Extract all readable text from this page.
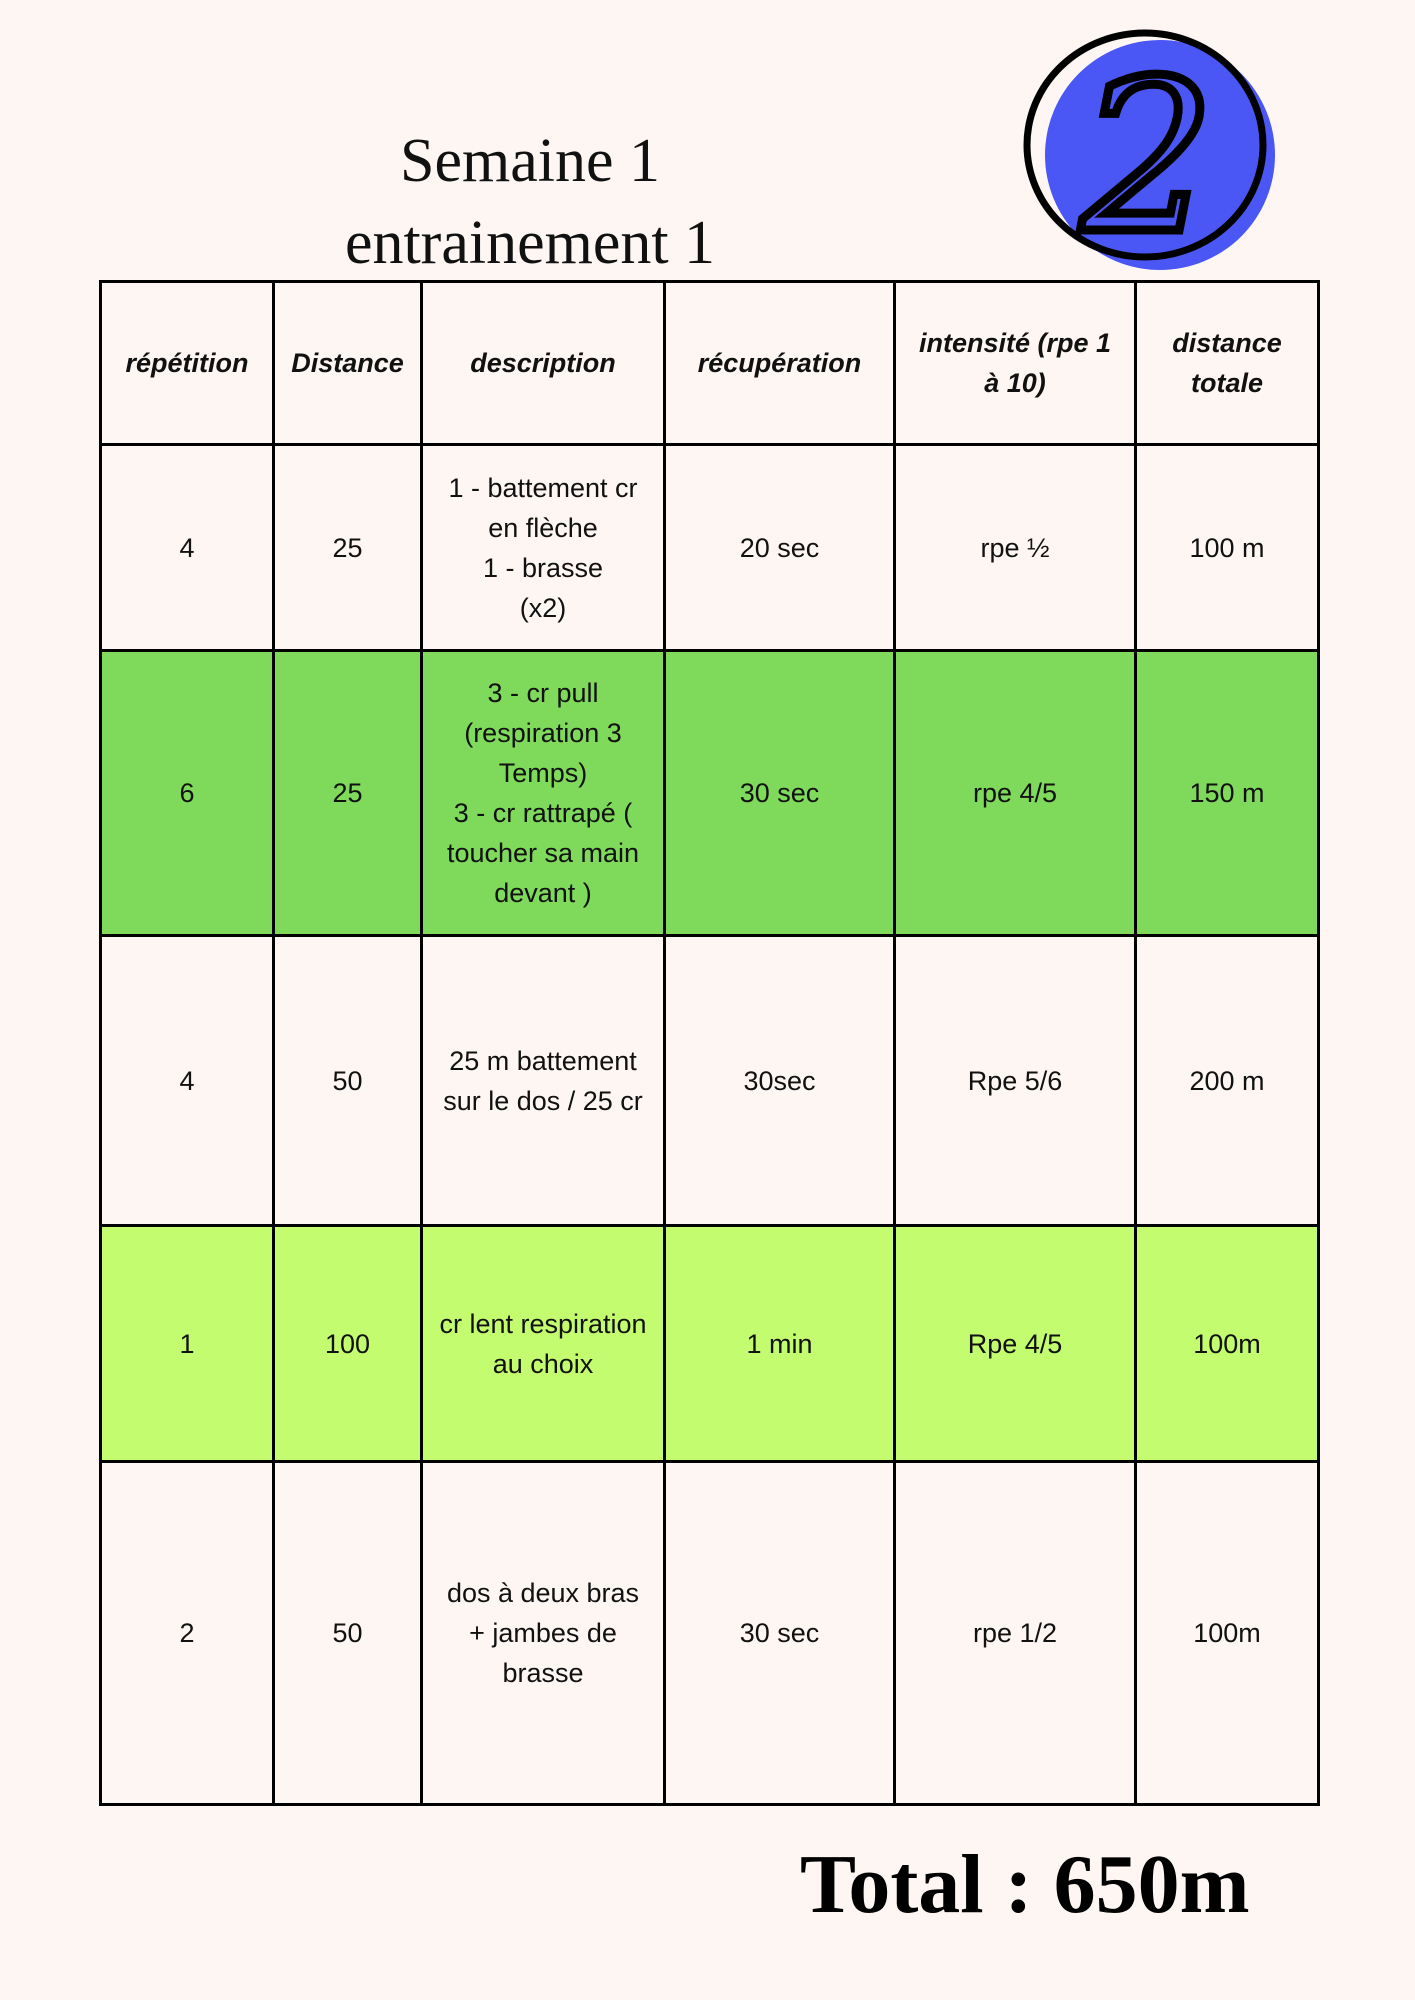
Semaine 1
entrainement 1 2
répétition	Distance	description	récupération	intensité (rpe 1 à 10)	distance totale
4	25	1 - battement cr en flèche
1 - brasse
(x2)	20 sec	rpe ½	100 m
6	25	3 - cr pull (respiration 3 Temps)
3 - cr rattrapé ( toucher sa main devant )	30 sec	rpe 4/5	150 m
4	50	25 m battement sur le dos / 25 cr	30sec	Rpe 5/6	200 m
1	100	cr lent respiration au choix	1 min	Rpe 4/5	100m
2	50	dos à deux bras + jambes de brasse	30 sec	rpe 1/2	100m
Total : 650m
